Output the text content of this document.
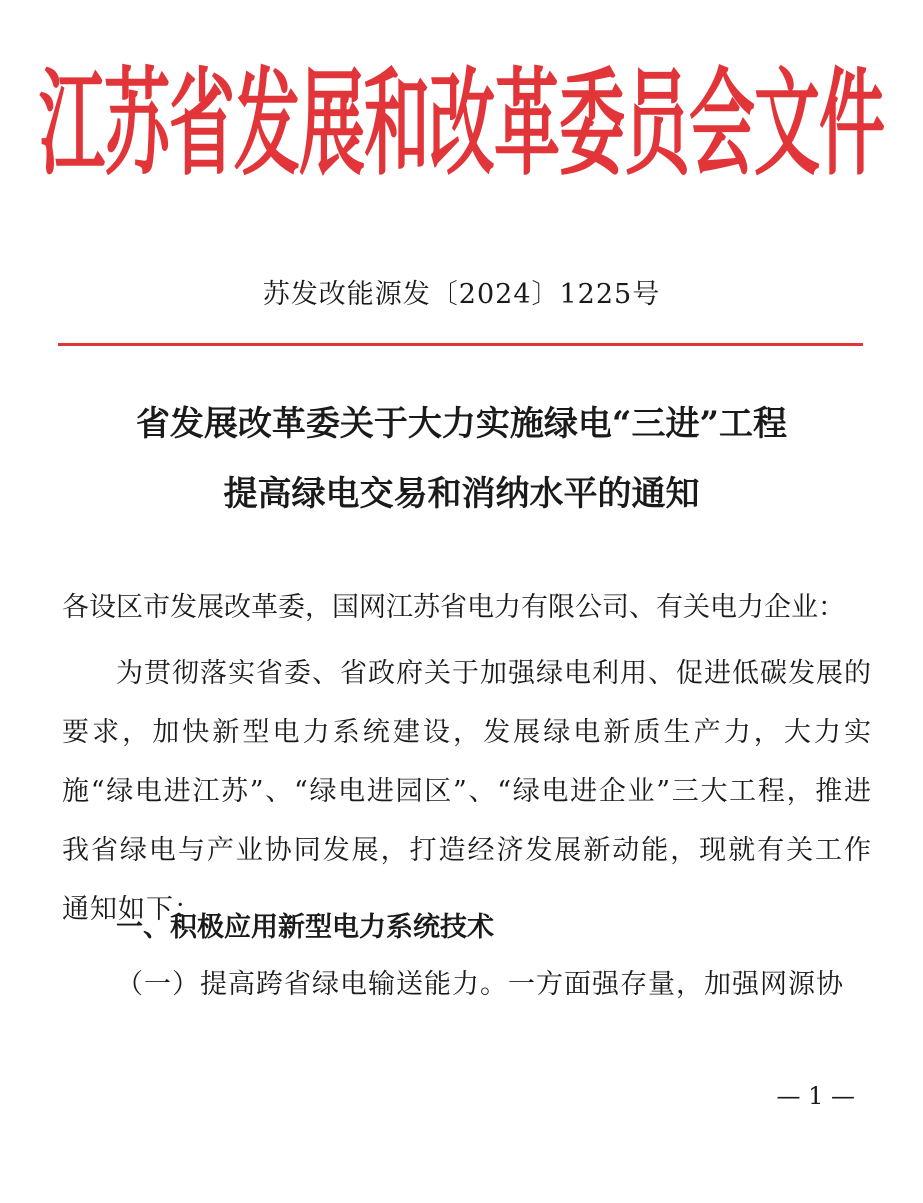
江苏省发展和改革委员会文件
苏发改能源发〔2024〕1225号
省发展改革委关于大力实施绿电“三进”工程
提高绿电交易和消纳水平的通知
各设区市发展改革委，国网江苏省电力有限公司、有关电力企业：
为贯彻落实省委、省政府关于加强绿电利用、促进低碳发展的要求，加快新型电力系统建设，发展绿电新质生产力，大力实施“绿电进江苏”、“绿电进园区”、“绿电进企业”三大工程，推进我省绿电与产业协同发展，打造经济发展新动能，现就有关工作通知如下：
一、积极应用新型电力系统技术
（一）提高跨省绿电输送能力。一方面强存量，加强网源协
— 1 —
